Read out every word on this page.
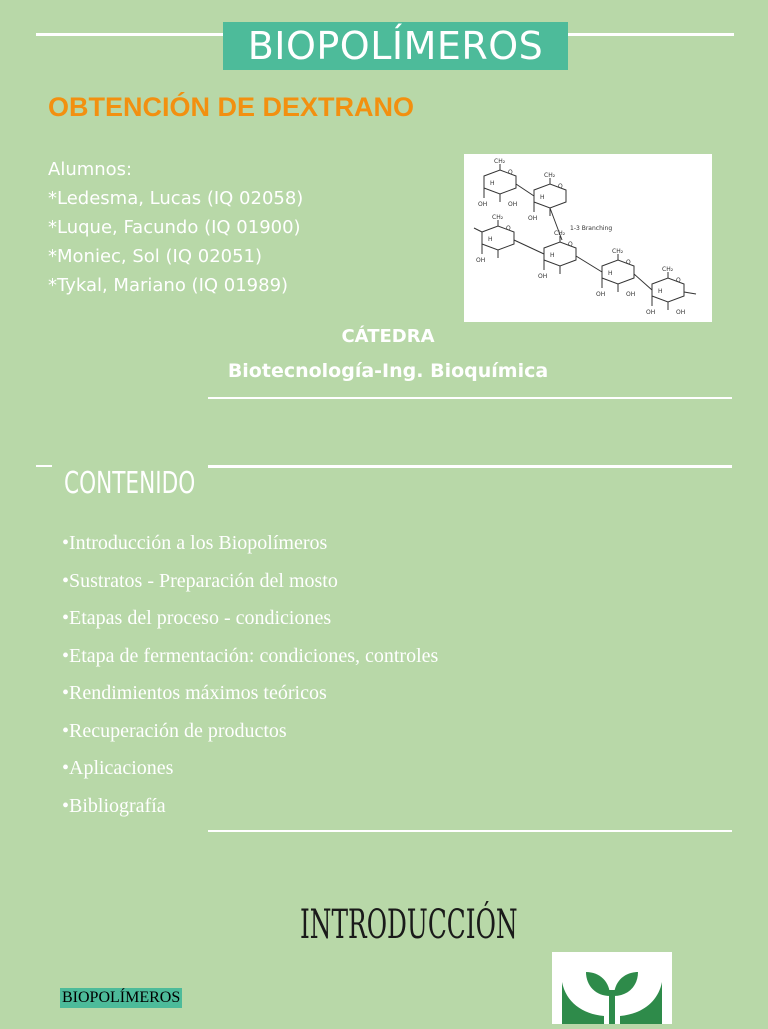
BIOPOLÍMEROS
OBTENCIÓN DE DEXTRANO
Alumnos:
*Ledesma, Lucas (IQ 02058)
*Luque, Facundo (IQ 01900)
*Moniec, Sol (IQ 02051)
*Tykal, Mariano (IQ 01989)
CH₂
CH₂
CH₂
CH₂
CH₂
CH₂
O
O
O
O
O
O
OH	OH
OH
OH
OH
OH	OH
OH	OH
H
H
H
H
H
H
1-3 Branching
CÁTEDRA
Biotecnología-Ing. Bioquímica
CONTENIDO
•Introducción a los Biopolímeros
•Sustratos - Preparación del mosto
•Etapas del proceso - condiciones
•Etapa de fermentación: condiciones, controles
•Rendimientos máximos teóricos
•Recuperación de productos
•Aplicaciones
•Bibliografía
INTRODUCCIÓN
BIOPOLÍMEROS
